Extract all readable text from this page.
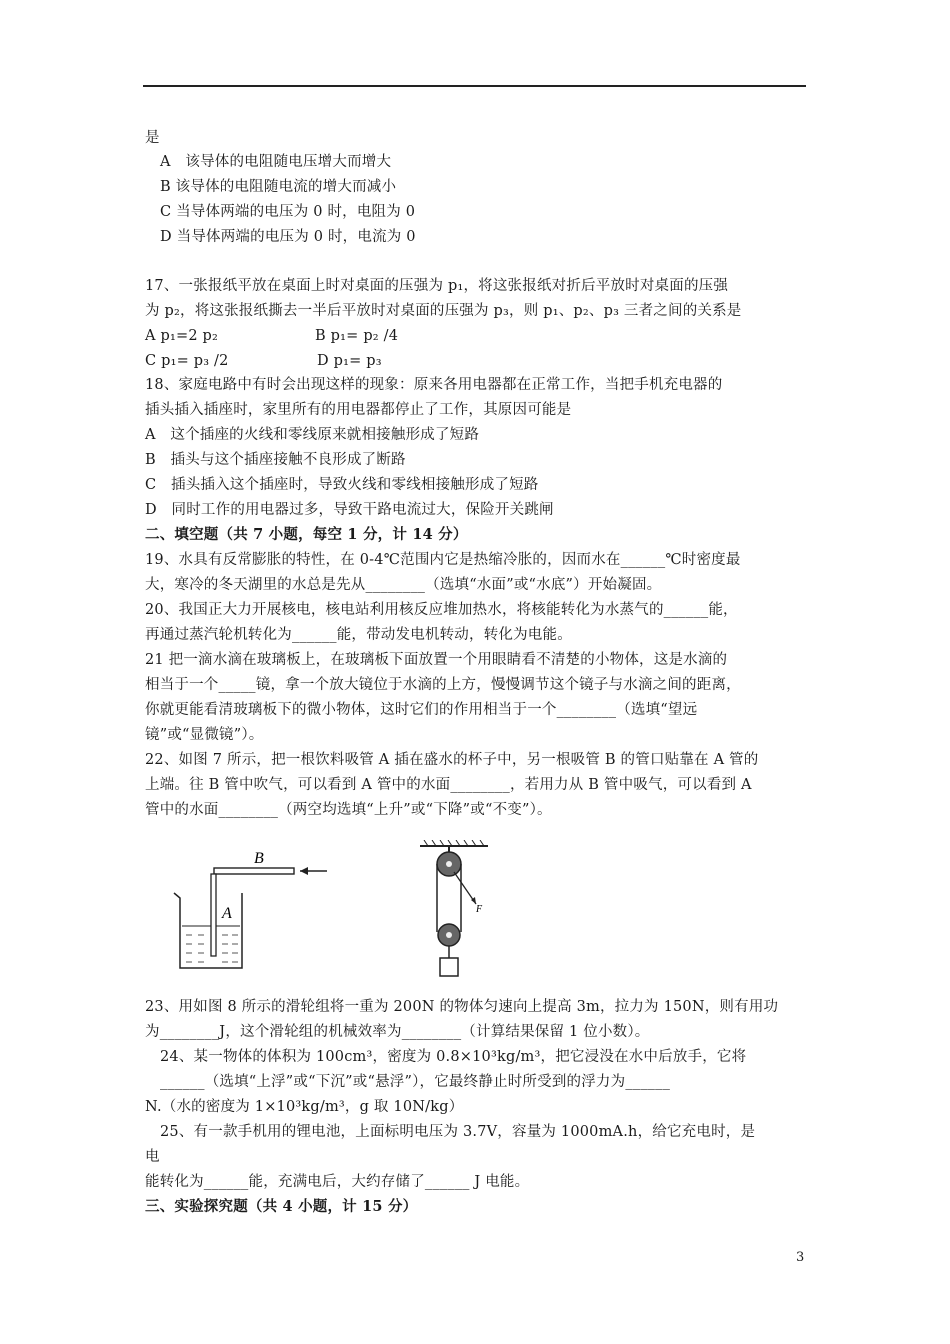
是
A　该导体的电阻随电压增大而增大
B 该导体的电阻随电流的增大而减小
C 当导体两端的电压为 0 时，电阻为 0
D 当导体两端的电压为 0 时，电流为 0
17、一张报纸平放在桌面上时对桌面的压强为 p₁，将这张报纸对折后平放时对桌面的压强
为 p₂，将这张报纸撕去一半后平放时对桌面的压强为 p₃，则 p₁、p₂、p₃ 三者之间的关系是
A p₁=2 p₂	B p₁= p₂ /4
C p₁= p₃ /2	D p₁= p₃
18、家庭电路中有时会出现这样的现象：原来各用电器都在正常工作，当把手机充电器的
插头插入插座时，家里所有的用电器都停止了工作，其原因可能是
A　这个插座的火线和零线原来就相接触形成了短路
B　插头与这个插座接触不良形成了断路
C　插头插入这个插座时，导致火线和零线相接触形成了短路
D　同时工作的用电器过多，导致干路电流过大，保险开关跳闸
二、填空题（共 7 小题，每空 1 分，计 14 分）
19、水具有反常膨胀的特性，在 0-4℃范围内它是热缩冷胀的，因而水在______℃时密度最
大，寒冷的冬天湖里的水总是先从________（选填“水面”或“水底”）开始凝固。
20、我国正大力开展核电，核电站利用核反应堆加热水，将核能转化为水蒸气的______能，
再通过蒸汽轮机转化为______能，带动发电机转动，转化为电能。
21 把一滴水滴在玻璃板上，在玻璃板下面放置一个用眼睛看不清楚的小物体，这是水滴的
相当于一个_____镜，拿一个放大镜位于水滴的上方，慢慢调节这个镜子与水滴之间的距离，
你就更能看清玻璃板下的微小物体，这时它们的作用相当于一个________（选填“望远
镜”或“显微镜”）。
22、如图 7 所示，把一根饮料吸管 A 插在盛水的杯子中，另一根吸管 B 的管口贴靠在 A 管的
上端。往 B 管中吹气，可以看到 A 管中的水面________，若用力从 B 管中吸气，可以看到 A
管中的水面________（两空均选填“上升”或“下降”或“不变”）。
B
A	F
23、用如图 8 所示的滑轮组将一重为 200N 的物体匀速向上提高 3m，拉力为 150N，则有用功
为________J，这个滑轮组的机械效率为________（计算结果保留 1 位小数）。
24、某一物体的体积为 100cm³，密度为 0.8×10³kg/m³，把它浸没在水中后放手，它将
______（选填“上浮”或“下沉”或“悬浮”），它最终静止时所受到的浮力为______
N.（水的密度为 1×10³kg/m³，g 取 10N/kg）
25、有一款手机用的锂电池，上面标明电压为 3.7V，容量为 1000mA.h，给它充电时，是
电
能转化为______能，充满电后，大约存储了______ J 电能。
三、实验探究题（共 4 小题，计 15 分）
3
